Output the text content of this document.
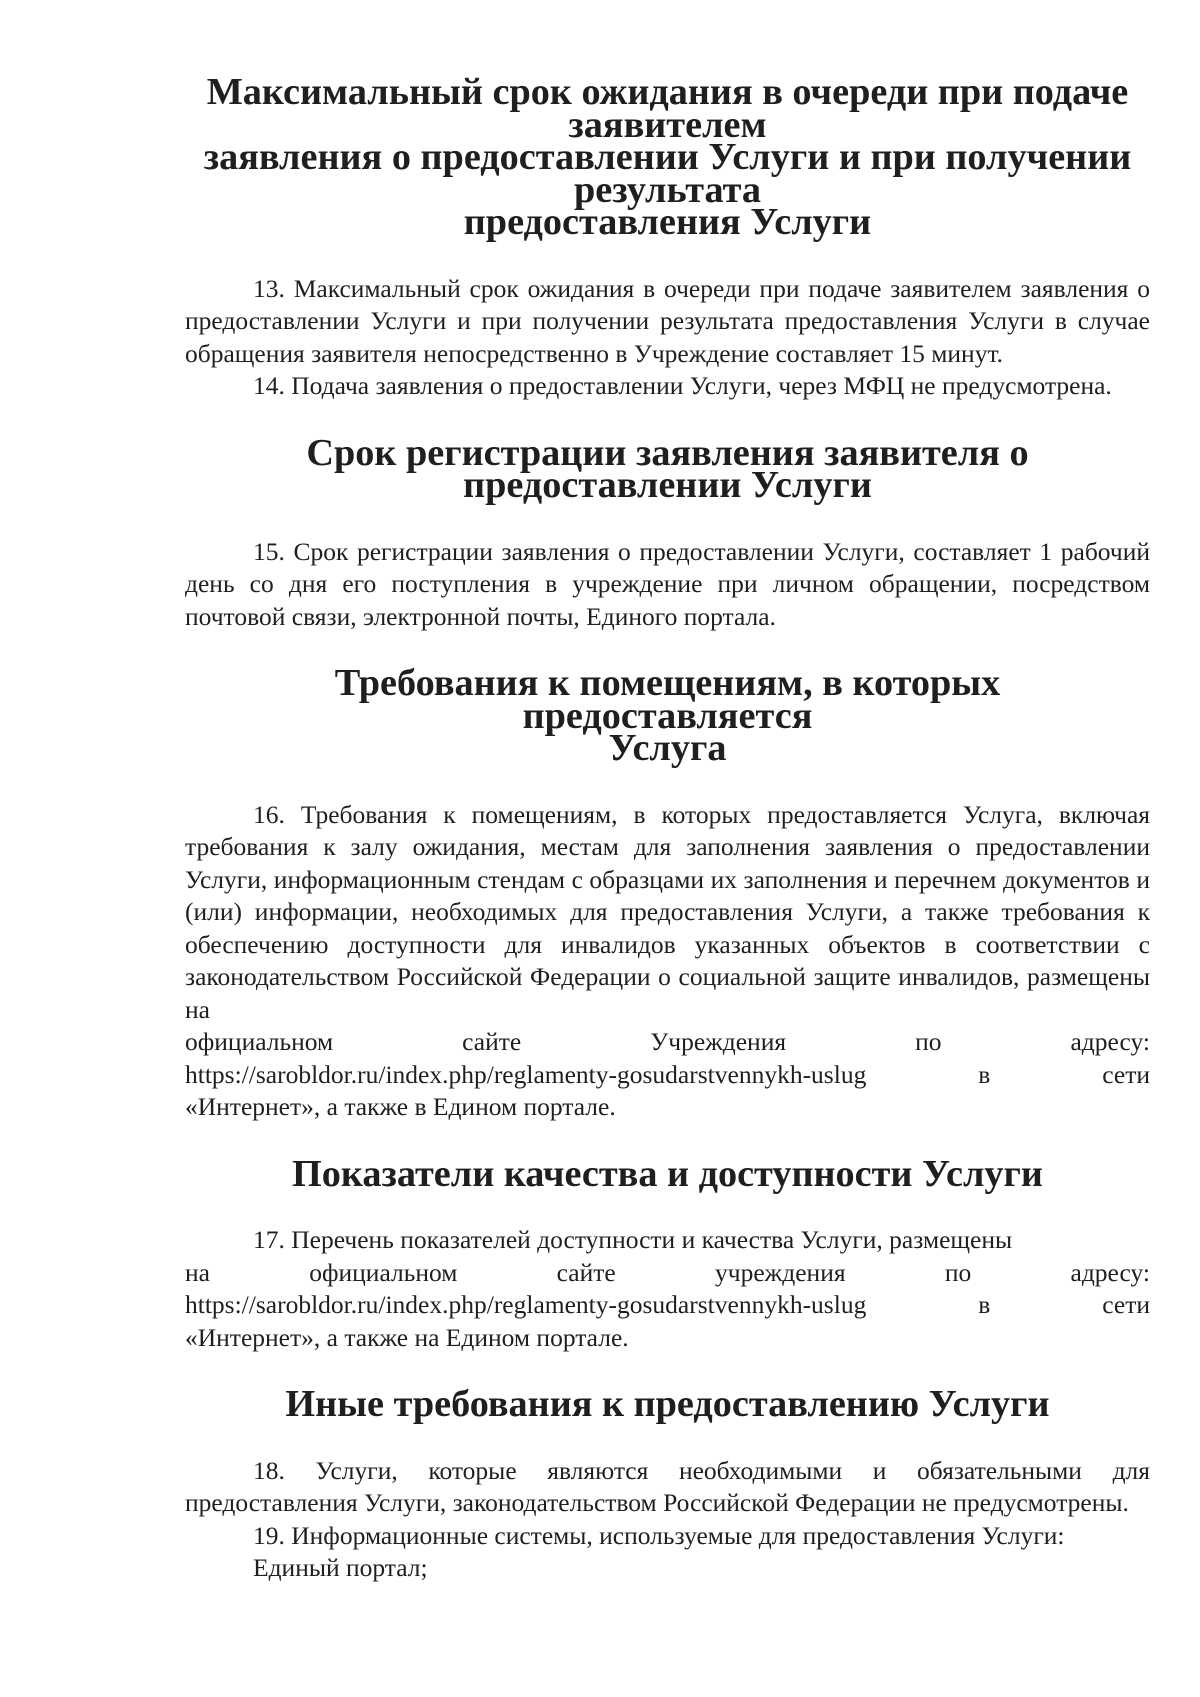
Максимальный срок ожидания в очереди при подаче заявителем
заявления о предоставлении Услуги и при получении результата
предоставления Услуги

13. Максимальный срок ожидания в очереди при подаче заявителем заявления о предоставлении Услуги и при получении результата предоставления Услуги в случае обращения заявителя непосредственно в Учреждение составляет 15 минут.

14. Подача заявления о предоставлении Услуги, через МФЦ не предусмотрена.

Срок регистрации заявления заявителя о предоставлении Услуги

15. Срок регистрации заявления о предоставлении Услуги, составляет 1 рабочий день со дня его поступления в учреждение при личном обращении, посредством почтовой связи, электронной почты, Единого портала.

Требования к помещениям, в которых предоставляется
Услуга

16. Требования к помещениям, в которых предоставляется Услуга, включая требования к залу ожидания, местам для заполнения заявления о предоставлении Услуги, информационным стендам с образцами их заполнения и перечнем документов и (или) информации, необходимых для предоставления Услуги, а также требования к обеспечению доступности для инвалидов указанных объектов в соответствии с законодательством Российской Федерации о социальной защите инвалидов, размещены на

официальном	сайте	Учреждения	по	адресу:
https://sarobldor.ru/index.php/reglamenty-gosudarstvennykh-uslug	в	сети

«Интернет», а также в Едином портале.

Показатели качества и доступности Услуги

17. Перечень показателей доступности и качества Услуги, размещены

на	официальном	сайте	учреждения	по	адресу:
https://sarobldor.ru/index.php/reglamenty-gosudarstvennykh-uslug	в	сети

«Интернет», а также на Едином портале.

Иные требования к предоставлению Услуги

18. Услуги, которые являются необходимыми и обязательными для предоставления Услуги, законодательством Российской Федерации не предусмотрены.

19. Информационные системы, используемые для предоставления Услуги:

Единый портал;
